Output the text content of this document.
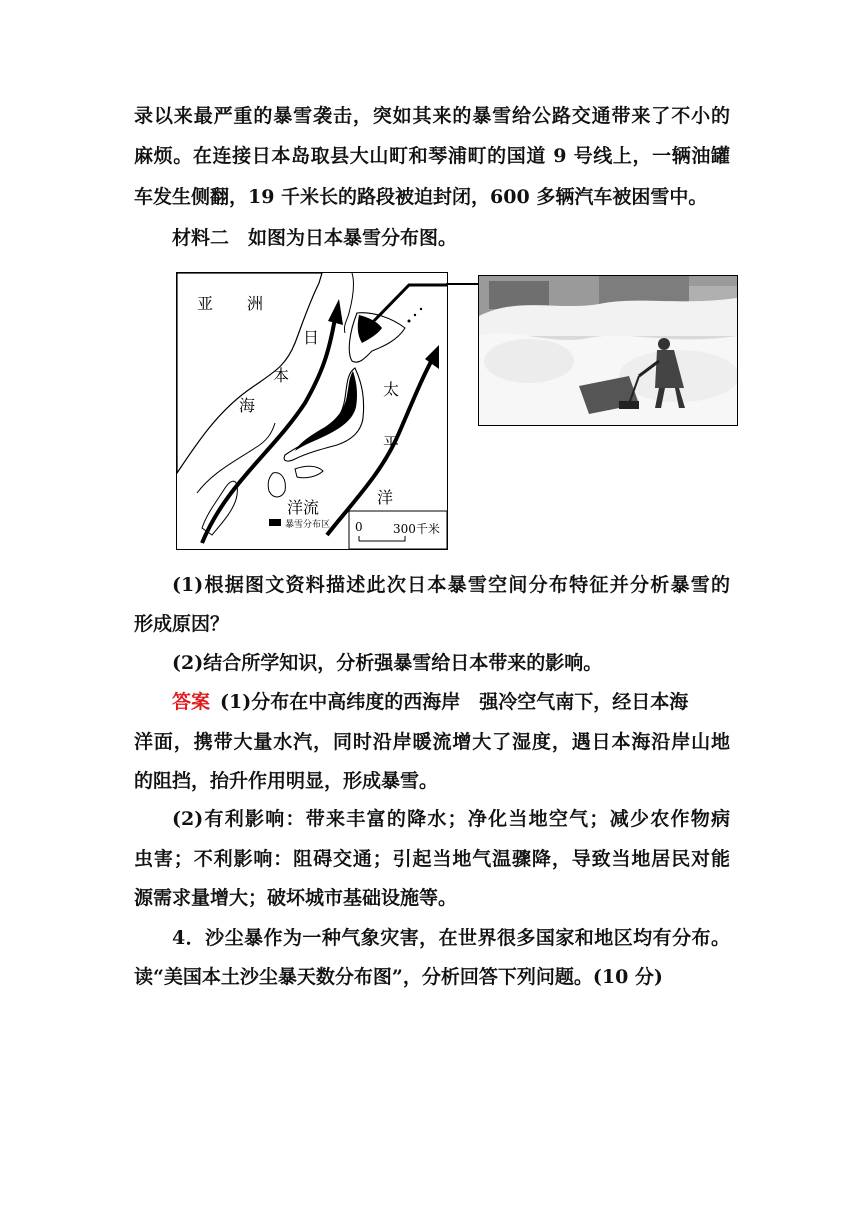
录以来最严重的暴雪袭击，突如其来的暴雪给公路交通带来了不小的
麻烦。在连接日本岛取县大山町和琴浦町的国道 9 号线上，一辆油罐
车发生侧翻，19 千米长的路段被迫封闭，600 多辆汽车被困雪中。
材料二　如图为日本暴雪分布图。
亚 洲
日
本
海
太
平
洋
洋流
暴雪分布区 0	300千米
(1)根据图文资料描述此次日本暴雪空间分布特征并分析暴雪的
形成原因？
(2)结合所学知识，分析强暴雪给日本带来的影响。
答案 (1)分布在中高纬度的西海岸　强冷空气南下，经日本海
洋面，携带大量水汽，同时沿岸暖流增大了湿度，遇日本海沿岸山地
的阻挡，抬升作用明显，形成暴雪。
(2)有利影响：带来丰富的降水；净化当地空气；减少农作物病
虫害；不利影响：阻碍交通；引起当地气温骤降，导致当地居民对能
源需求量增大；破坏城市基础设施等。
4．沙尘暴作为一种气象灾害，在世界很多国家和地区均有分布。
读“美国本土沙尘暴天数分布图”，分析回答下列问题。(10 分)
